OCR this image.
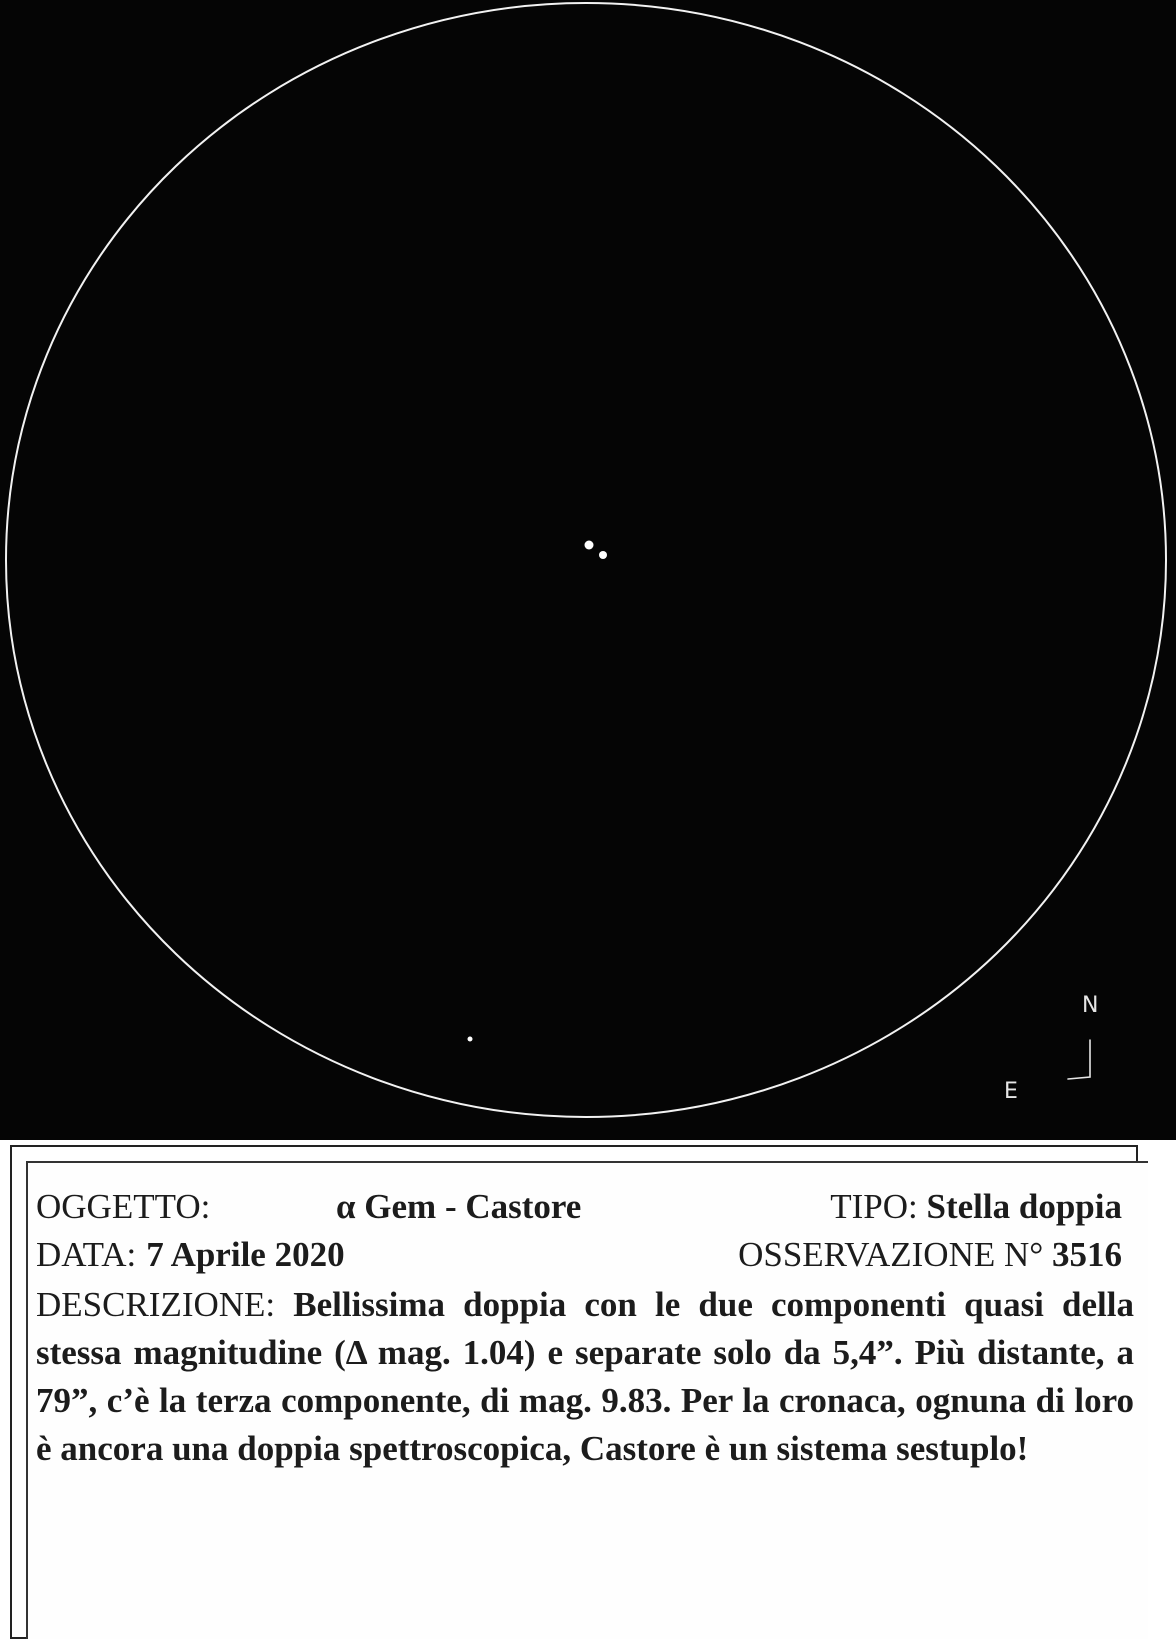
N
E
OGGETTO:	α Gem - Castore	TIPO: Stella doppia
DATA: 7 Aprile 2020	OSSERVAZIONE N° 3516
DESCRIZIONE: Bellissima doppia con le due componenti quasi della stessa magnitudine (Δ mag. 1.04) e separate solo da 5,4”. Più distante, a 79”, c’è la terza componente, di mag. 9.83. Per la cronaca, ognuna di loro è ancora una doppia spettroscopica, Castore è un sistema sestuplo!
